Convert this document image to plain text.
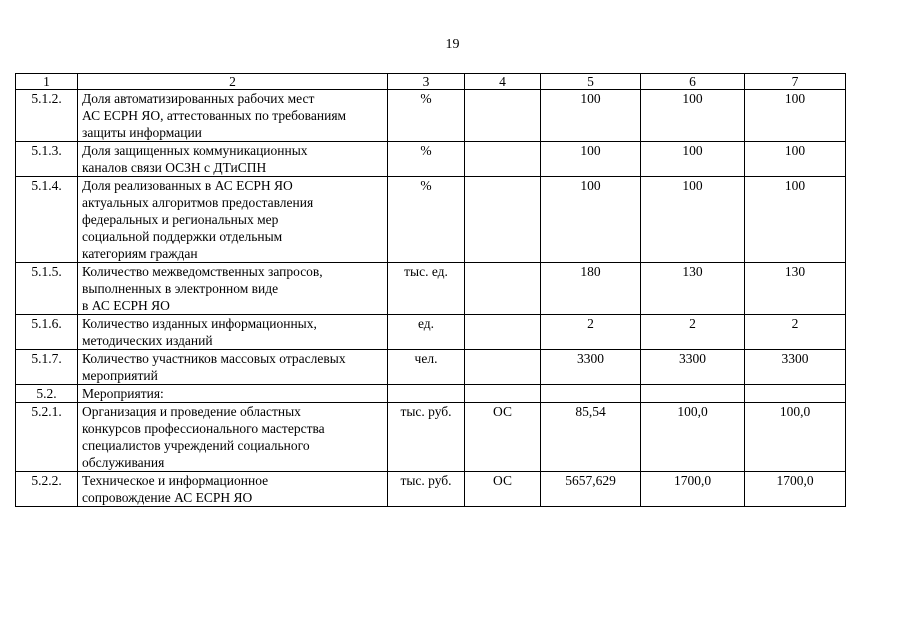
19
1	2	3	4	5	6	7
5.1.2.	Доля автоматизированных рабочих мест
АС ЕСРН ЯО, аттестованных по требованиям
защиты информации	%		100	100	100
5.1.3.	Доля защищенных коммуникационных
каналов связи ОСЗН с ДТиСПН	%		100	100	100
5.1.4.	Доля реализованных в АС ЕСРН ЯО
актуальных алгоритмов предоставления
федеральных и региональных мер
социальной поддержки отдельным
категориям граждан	%		100	100	100
5.1.5.	Количество межведомственных запросов,
выполненных в электронном виде
в АС ЕСРН ЯО	тыс. ед.		180	130	130
5.1.6.	Количество изданных информационных,
методических изданий	ед.		2	2	2
5.1.7.	Количество участников массовых отраслевых
мероприятий	чел.		3300	3300	3300
5.2.	Мероприятия:					

5.2.1.	Организация и проведение областных
конкурсов профессионального мастерства
специалистов учреждений социального
обслуживания	тыс. руб.	ОС	85,54	100,0	100,0
5.2.2.	Техническое и информационное
сопровождение АС ЕСРН ЯО	тыс. руб.	ОС	5657,629	1700,0	1700,0
